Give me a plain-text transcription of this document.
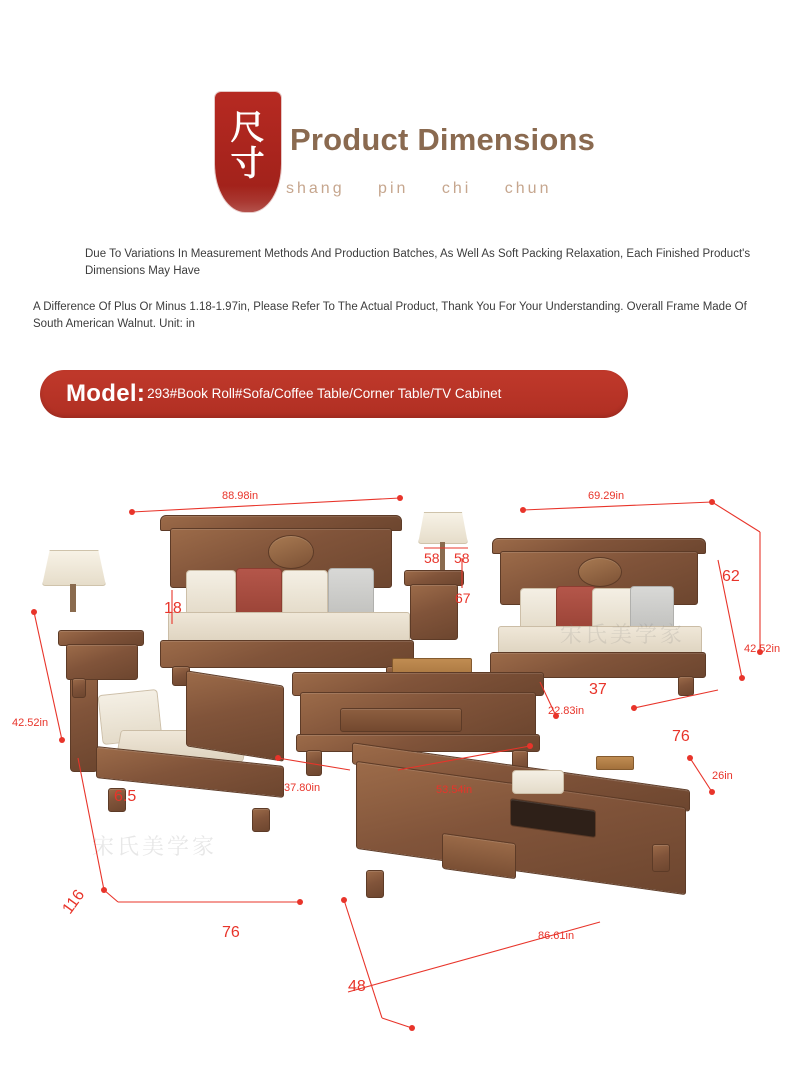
尺
寸
Product Dimensions
shang pin chi chun
Due To Variations In Measurement Methods And Production Batches, As Well As Soft Packing Relaxation, Each Finished Product's Dimensions May Have
A Difference Of Plus Or Minus 1.18-1.97in, Please Refer To The Actual Product, Thank You For Your Understanding. Overall Frame Made Of South American Walnut. Unit: in
Model: 293#Book Roll#Sofa/Coffee Table/Corner Table/TV Cabinet
宋氏美学家
宋氏美学家
88.98in
18
69.29in
62
42.52in
76
37
58 58
67
42.52in
6.5
116
76
37.80in	53.54in
22.83in
86.61in
26in
48
